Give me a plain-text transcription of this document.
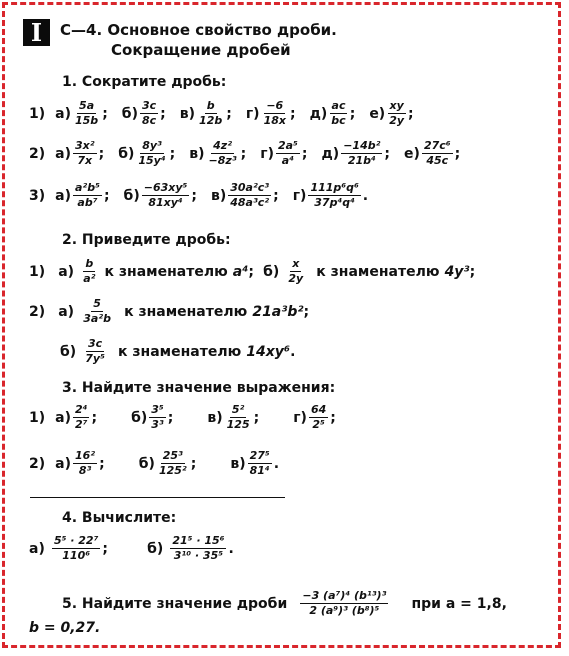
I	С—4. Основное свойство дроби.
Сокращение дробей
1. Сократите дробь:
1) $а) \frac{5a}{15b}$ ; $б) \frac{3c}{8c}$ ; $в) \frac{b}{12b}$ ; $г) \frac{-6}{18x}$ ; $д) \frac{ac}{bc}$ ; $е) \frac{xy}{2y}$ ;
2) $а) \frac{\text{3x²}}{7x}$ ; $б) \frac{\text{8y³}}{\text{15y⁴}}$ ; $в) \frac{\text{4z²}}{\text{−8z³}}$ ; $г) \frac{\text{2a⁵}}{\text{a⁴}}$ ; $д) \frac{\text{−14b²}}{\text{21b⁴}}$ ; $е) \frac{\text{27c⁶}}{45c}$ ;
3) $а) \frac{\text{a²b⁵}}{\text{ab⁷}}$ ; $б) \frac{\text{−63xy⁵}}{\text{81xy⁴}}$ ; $в) \frac{\text{30a²c³}}{\text{48a³c²}}$ ; $г) \frac{\text{111p⁶q⁶}}{\text{37p⁴q⁴}}$ .
2. Приведите дробь:
1) $а) \frac{b}{\text{a²}}$ к знаменателю a⁴; $б) \frac{x}{2y}$ к знаменателю 4y³;
2) $а) \frac{5}{\text{3a²b}}$ к знаменателю 21a³b²;
$б) \frac{3c}{\text{7y⁵}}$ к знаменателю 14xy⁶.
3. Найдите значение выражения:
1) $а) \frac{\text{2⁴}}{\text{2⁷}}$ ; $б) \frac{\text{3⁵}}{\text{3³}}$ ; $в) \frac{\text{5²}}{125}$ ; $г) \frac{64}{\text{2⁵}}$ ;
2) $а) \frac{\text{16²}}{\text{8³}}$ ; $б) \frac{\text{25³}}{\text{125²}}$ ; $в) \frac{\text{27⁵}}{\text{81⁴}}$ .
4. Вычислите:
$а) \frac{\text{5⁵ · 22⁷}}{\text{110⁶}}$ ;	$б) \frac{\text{21⁵ · 15⁶}}{\text{3¹⁰ · 35⁵}}$ .
5. Найдите значение дроби $\frac{\text{−3 (a⁷)⁴ (b¹³)³}}{\text{2 (a⁹)³ (b⁸)⁵}}$ при a = 1,8,
b = 0,27.
